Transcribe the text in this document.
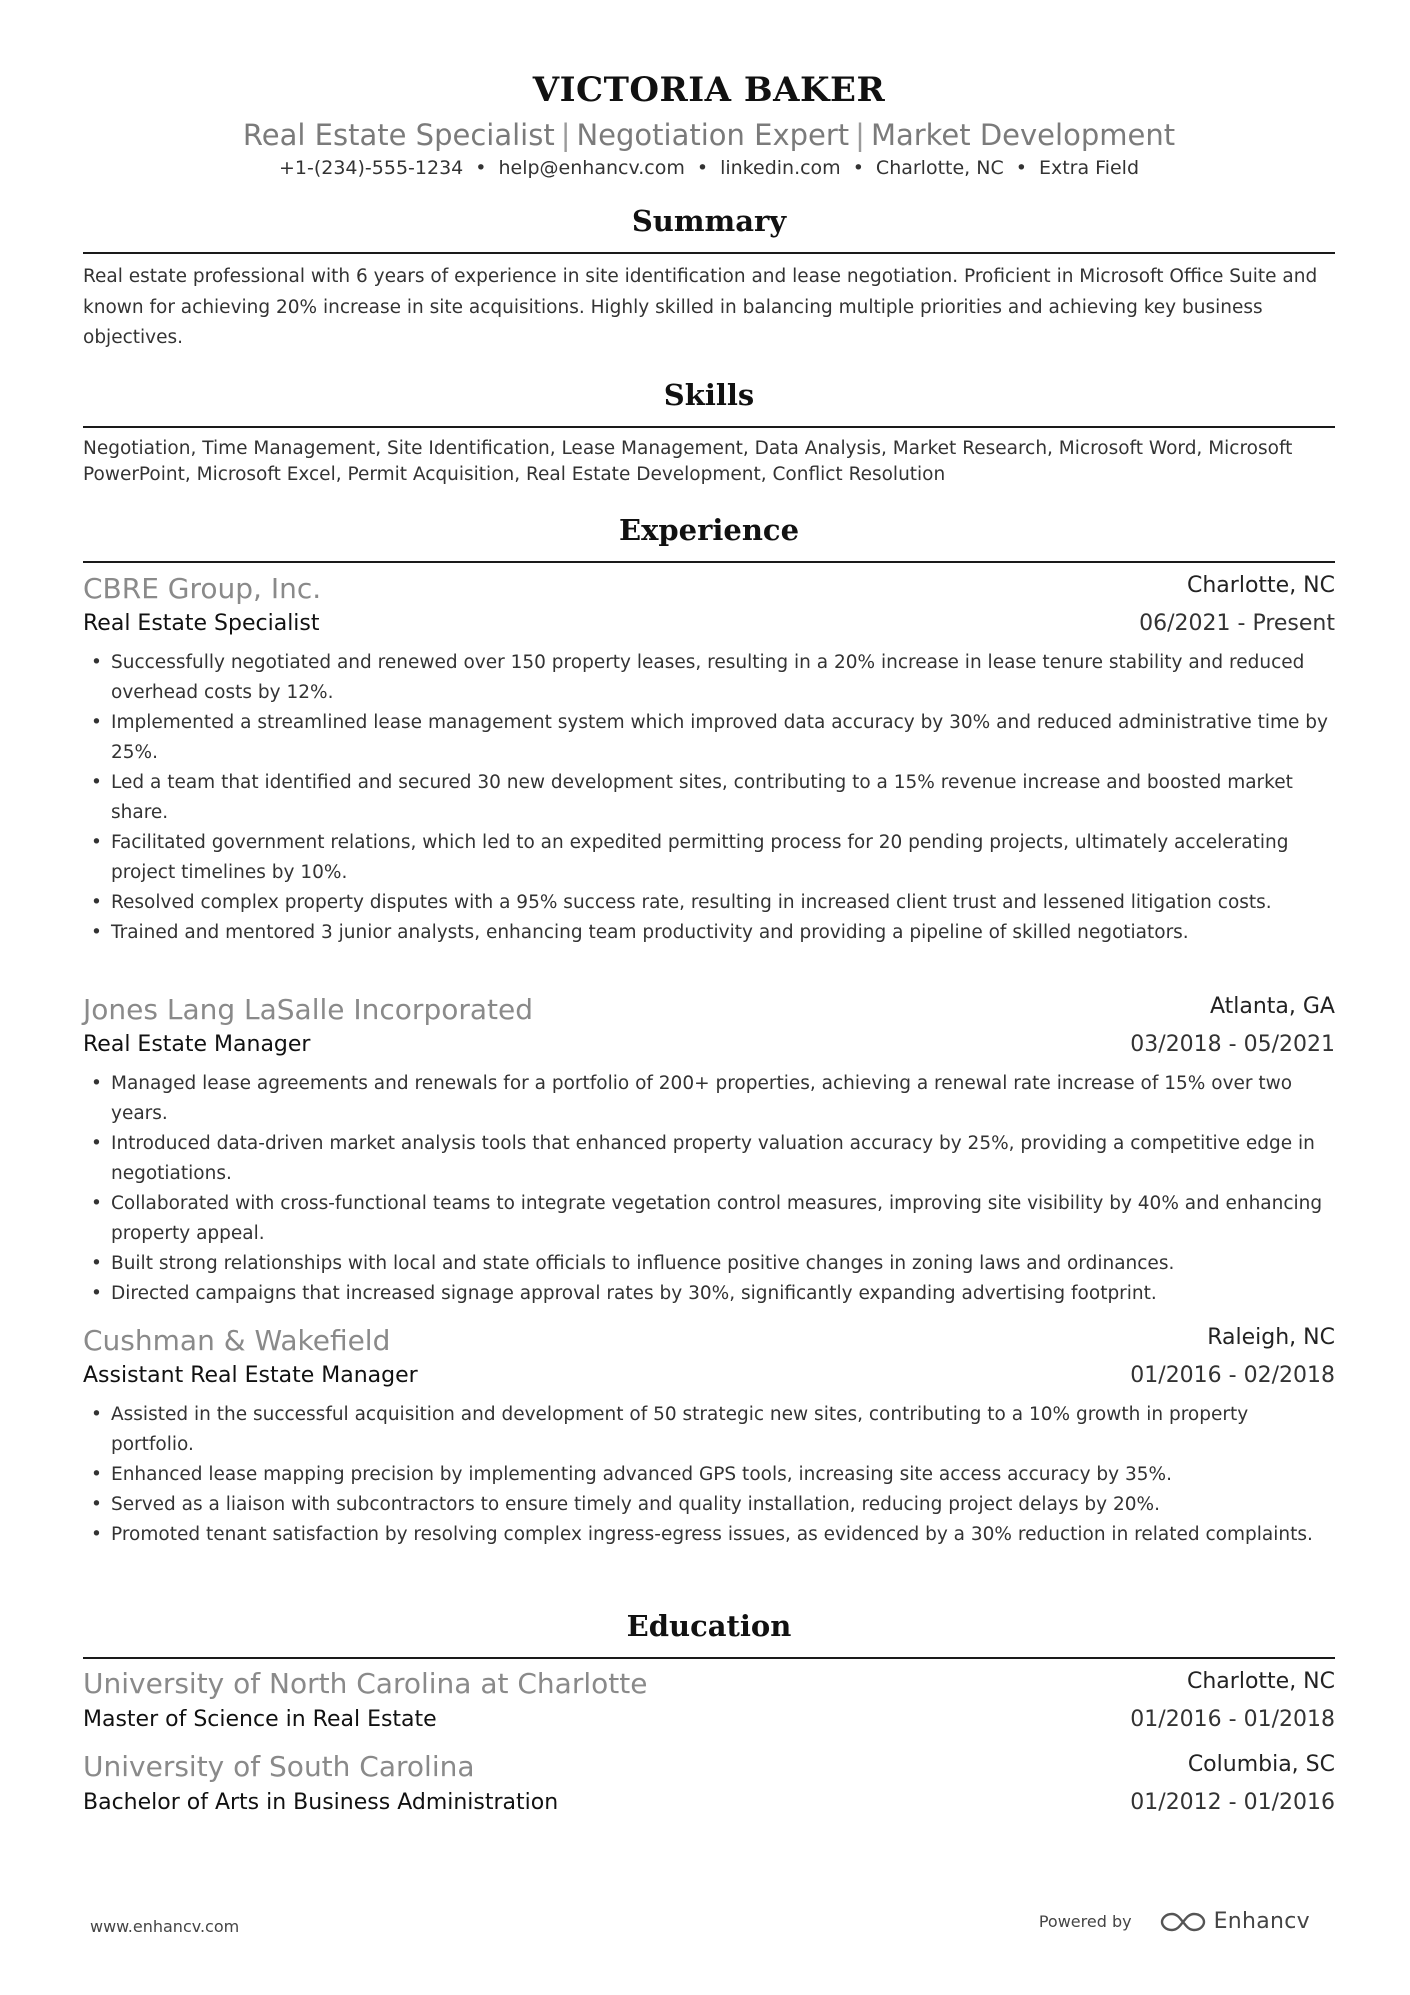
VICTORIA BAKER
Real Estate Specialist | Negotiation Expert | Market Development
+1-(234)-555-1234 • help@enhancv.com • linkedin.com • Charlotte, NC • Extra Field
Summary
Real estate professional with 6 years of experience in site identification and lease negotiation. Proficient in Microsoft Office Suite and known for achieving 20% increase in site acquisitions. Highly skilled in balancing multiple priorities and achieving key business objectives.
Skills
Negotiation, Time Management, Site Identification, Lease Management, Data Analysis, Market Research, Microsoft Word, Microsoft PowerPoint, Microsoft Excel, Permit Acquisition, Real Estate Development, Conflict Resolution
Experience
CBRE Group, Inc.	Charlotte, NC
Real Estate Specialist	06/2021 - Present
• Successfully negotiated and renewed over 150 property leases, resulting in a 20% increase in lease tenure stability and reduced overhead costs by 12%.
• Implemented a streamlined lease management system which improved data accuracy by 30% and reduced administrative time by 25%.
• Led a team that identified and secured 30 new development sites, contributing to a 15% revenue increase and boosted market share.
• Facilitated government relations, which led to an expedited permitting process for 20 pending projects, ultimately accelerating project timelines by 10%.
• Resolved complex property disputes with a 95% success rate, resulting in increased client trust and lessened litigation costs.
• Trained and mentored 3 junior analysts, enhancing team productivity and providing a pipeline of skilled negotiators.
Jones Lang LaSalle Incorporated	Atlanta, GA
Real Estate Manager	03/2018 - 05/2021
• Managed lease agreements and renewals for a portfolio of 200+ properties, achieving a renewal rate increase of 15% over two years.
• Introduced data-driven market analysis tools that enhanced property valuation accuracy by 25%, providing a competitive edge in negotiations.
• Collaborated with cross-functional teams to integrate vegetation control measures, improving site visibility by 40% and enhancing property appeal.
• Built strong relationships with local and state officials to influence positive changes in zoning laws and ordinances.
• Directed campaigns that increased signage approval rates by 30%, significantly expanding advertising footprint.
Cushman & Wakefield	Raleigh, NC
Assistant Real Estate Manager	01/2016 - 02/2018
• Assisted in the successful acquisition and development of 50 strategic new sites, contributing to a 10% growth in property portfolio.
• Enhanced lease mapping precision by implementing advanced GPS tools, increasing site access accuracy by 35%.
• Served as a liaison with subcontractors to ensure timely and quality installation, reducing project delays by 20%.
• Promoted tenant satisfaction by resolving complex ingress-egress issues, as evidenced by a 30% reduction in related complaints.
Education
University of North Carolina at Charlotte	Charlotte, NC
Master of Science in Real Estate	01/2016 - 01/2018
University of South Carolina	Columbia, SC
Bachelor of Arts in Business Administration	01/2012 - 01/2016
www.enhancv.com	Powered by	Enhancv
